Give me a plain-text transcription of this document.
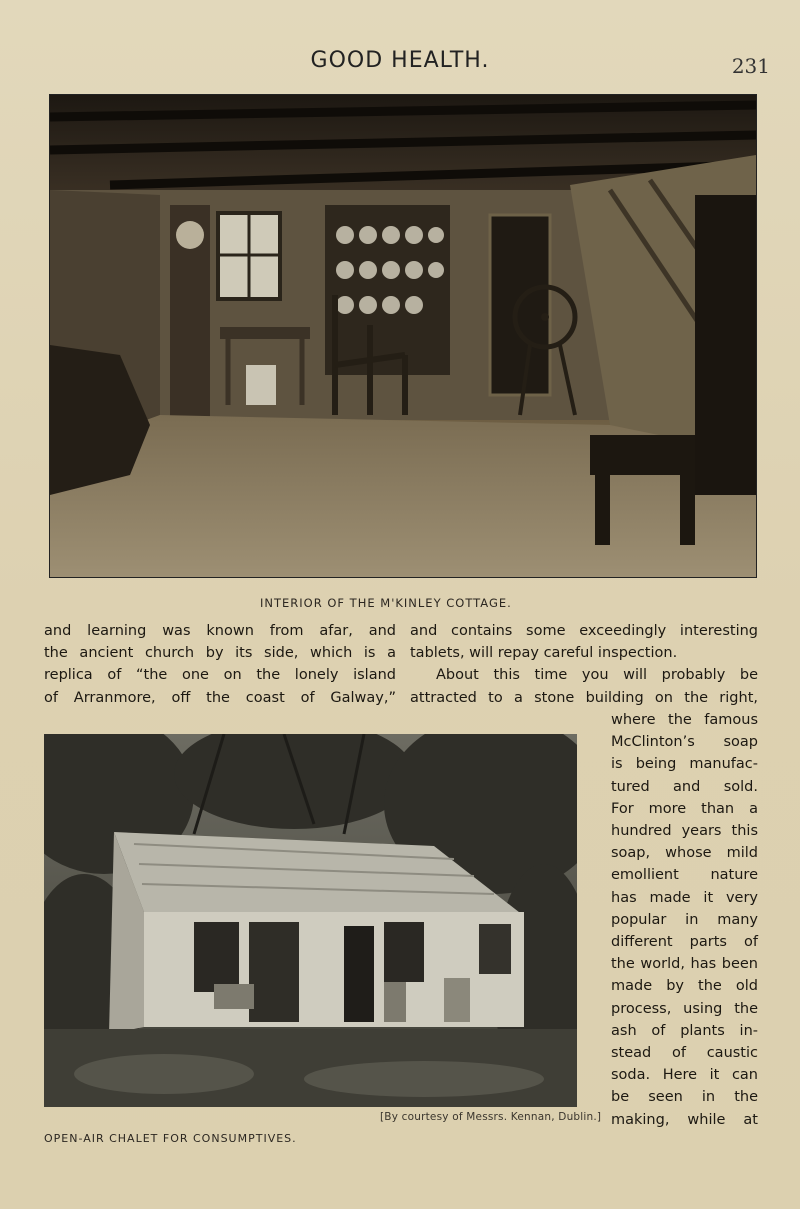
GOOD HEALTH.	231
INTERIOR OF THE M'KINLEY COTTAGE.
and learning was known from afar, and
the ancient church by its side, which is a
replica of “the one on the lonely island
of Arranmore, off the coast of Galway,”
and contains some exceedingly interesting
tablets, will repay careful inspection.
About this time you will probably be
attracted to a stone building on the right,
[By courtesy of Messrs. Kennan, Dublin.]
OPEN-AIR CHALET FOR CONSUMPTIVES.
where the famous
McClinton’s soap
is being manufac-
tured and sold.
For more than a
hundred years this
soap, whose mild
emollient nature
has made it very
popular in many
different parts of
the world, has been
made by the old
process, using the
ash of plants in-
stead of caustic
soda. Here it can
be seen in the
making, while at
